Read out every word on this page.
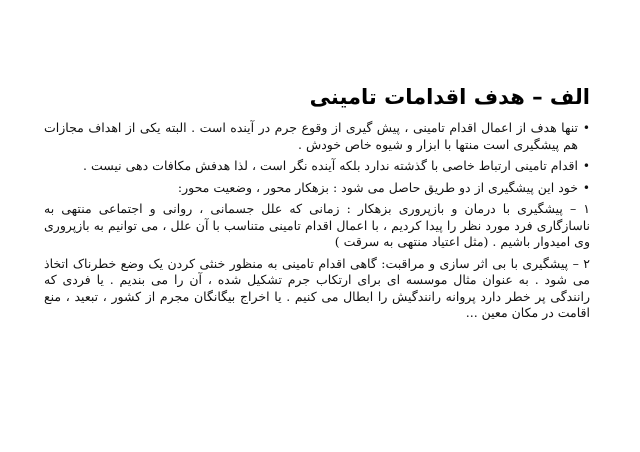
الف – هدف اقدامات تامینی
•
تنها هدف از اعمال اقدام تامینی ، پیش گیری از وقوع جرم در آینده است . البته یکی از اهداف مجازات هم پیشگیری است منتها با ابزار و شیوه خاص خودش .
•
اقدام تامینی ارتباط خاصی با گذشته ندارد بلکه آینده نگر است ، لذا هدفش مکافات دهی نیست .
•
خود این پیشگیری از دو طریق حاصل می شود : بزهکار محور ، وضعیت محور:
۱ – پیشگیری با درمان و بازپروری بزهکار : زمانی که علل جسمانی ، روانی و اجتماعی منتهی به ناسازگاری فرد مورد نظر را پیدا کردیم ، با اعمال اقدام تامینی متناسب با آن علل ، می توانیم به بازپروری وی امیدوار باشیم . (مثل اعتیاد منتهی به سرقت )
۲ – پیشگیری با بی اثر سازی و مراقبت: گاهی اقدام تامینی به منظور خنثی کردن یک وضع خطرناک اتخاذ می شود . به عنوان مثال موسسه ای برای ارتکاب جرم تشکیل شده ، آن را می بندیم . یا فردی که رانندگی پر خطر دارد پروانه رانندگیش را ابطال می کنیم . یا اخراج بیگانگان مجرم از کشور ، تبعید ، منع اقامت در مکان معین ...
